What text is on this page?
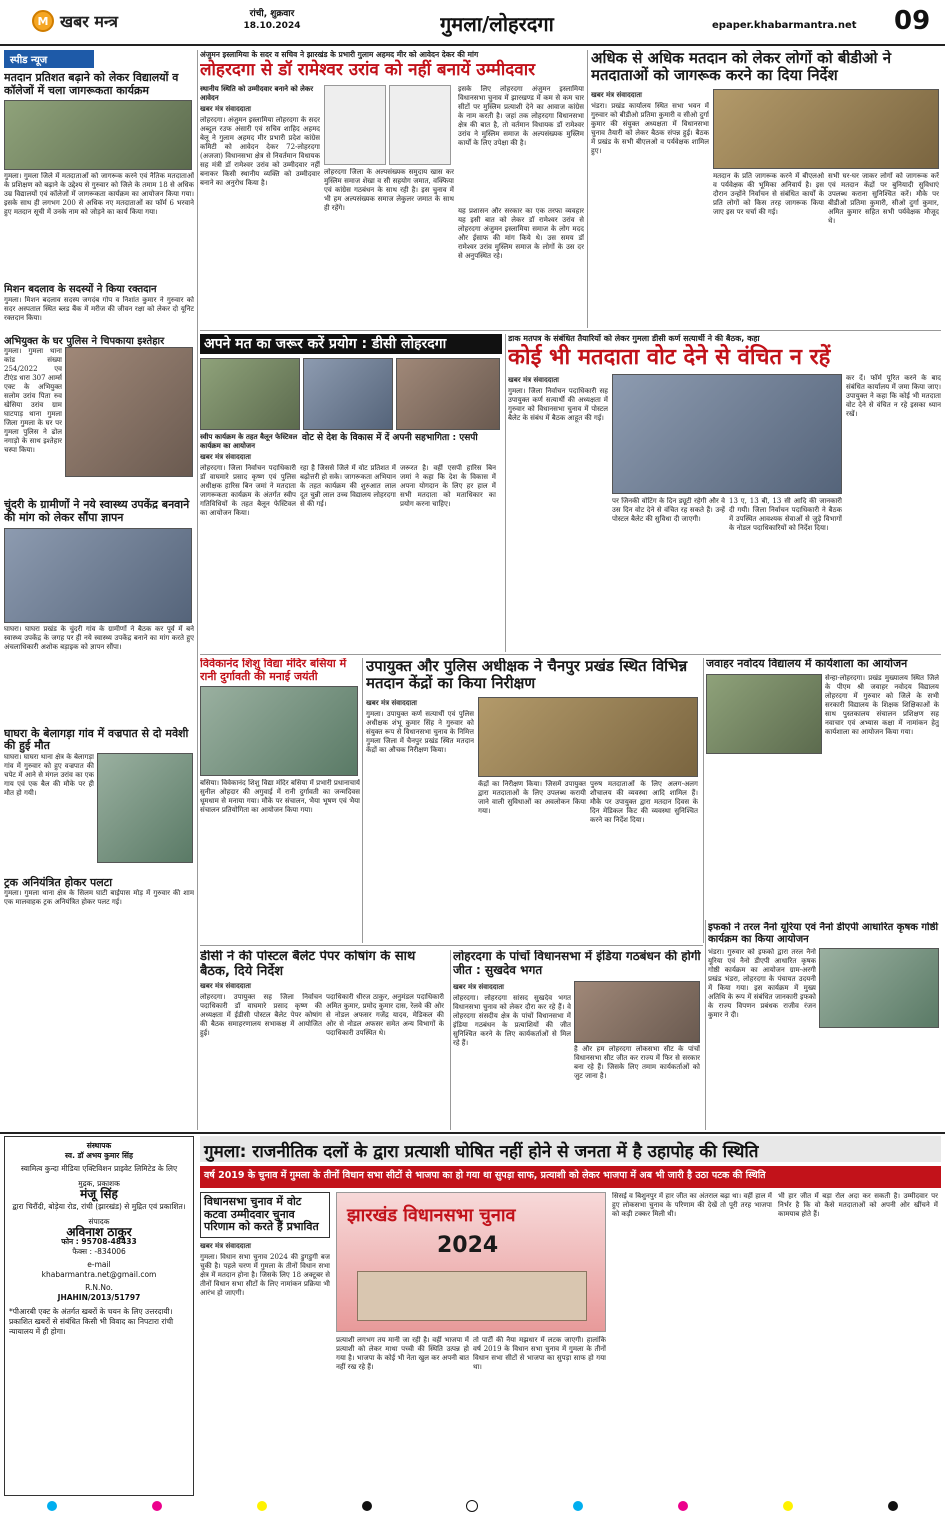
M खबर मन्त्र	रांची, शुक्रवार
18.10.2024	गुमला/लोहरदगा	epaper.khabarmantra.net	09
स्पीड न्यूज
मतदान प्रतिशत बढ़ाने को लेकर विद्यालयों व कॉलेजों में चला जागरूकता कार्यक्रम
गुमला। गुमला जिले में मतदाताओं को जागरूक करने एवं नैतिक मतदाताओं के प्रशिक्षण को बढ़ाने के उद्देश्य से गुरुवार को जिले के तमाम 18 से अधिक उम्र विद्यालयों एवं कॉलेजों में जागरूकता कार्यक्रम का आयोजन किया गया। इसके साथ ही लगभग 200 से अधिक नए मतदाताओं का फॉर्म 6 भरवाने हुए मतदान सूची में उनके नाम को जोड़ने का कार्य किया गया।
मिशन बदलाव के सदस्यों ने किया रक्तदान
गुमला। मिशन बदलाव सदस्य जगदंब गोप व निशांत कुमार ने गुरुवार को सदर अस्पताल स्थित ब्लड बैंक में मरीज की जीवन रक्षा को लेकर दो यूनिट रक्तदान किया।
अभियुक्त के घर पुलिस ने चिपकाया इश्तेहार
गुमला। गुमला थाना कांड संख्या 254/2022 एव टीएंड धारा 307 आर्म्स एक्ट के अभियुक्त सलोम उरांव पिता रुव खेसिया उरांव ग्राम घाटपाड़ थाना गुमला जिला गुमला के घर पर गुमला पुलिस ने ढोल नगाड़ो के साथ इश्तेहार चस्पा किया।
चुंदरी के ग्रामीणों ने नये स्वास्थ्य उपकेंद्र बनवाने की मांग को लेकर सौंपा ज्ञापन
घाघरा। घाघरा प्रखंड के चुंदरी गांव के ग्रामीणों ने बैठक कर पूर्व में बने स्वास्थ्य उपकेंद्र के जगह पर ही नये स्वास्थ्य उपकेंद्र बनाने का मांग करते हुए अंचलाधिकारी अशोक बड़ाइक को ज्ञापन सौंपा।
घाघरा के बेलागड़ा गांव में वज्रपात से दो मवेशी की हुई मौत
घाघरा। घाघरा थाना क्षेत्र के बेलागड़ा गांव में गुरुवार को हुए वज्रपात की चपेट में आने से मंगल उरांव का एक गाय एवं एक बैल की मौके पर ही मौत हो गयी।
ट्रक अनियंत्रित होकर पलटा
गुमला। गुमला थाना क्षेत्र के सिलम घाटी बाईपास मोड़ में गुरुवार की शाम एक मालवाहक ट्रक अनियंत्रित होकर पलट गई।
अंजुमन इस्लामिया के सदर व सचिव ने झारखंड के प्रभारी गुलाम अहमद मीर को आवेदन देकर की मांग
लोहरदगा से डॉ रामेश्वर उरांव को नहीं बनायें उम्मीदवार
स्थानीय स्थिति को उम्मीदवार बनाने को लेकर आवेदन
खबर मंत्र संवाददाता
लोहरदगा। अंजुमन इस्लामिया लोहरदगा के सदर अब्दुल रउफ अंसारी एवं सचिव शाहिद अहमद बेलू ने गुलाम अहमद मीर प्रभारी प्रदेश कांग्रेस कमिटी को आवेदन देकर 72-लोहरदगा (अजजा) विधानसभा क्षेत्र से निवर्तमान विधायक सह मंत्री डॉ रामेश्वर उरांव को उम्मीदवार नहीं बनाकर किसी स्थानीय व्यक्ति को उम्मीदवार बनाने का अनुरोध किया है।
लोहरदगा जिला के अल्पसंख्यक समुदाय खास कर मुस्लिम समाज शेखा व सी सहयोग जमात, वक्फिया एवं कांग्रेस गठबंधन के साथ रही है। इस चुनाव में भी हम अल्पसंख्यक समाज लेकुलर जमात के साथ ही रहेंगे।
इसके लिए लोहरदगा अंजुमन इस्लामिया विधानसभा चुनाव में झारखण्ड में कम से कम चार सीटों पर मुस्लिम प्रत्याशी देने का आवाज कांग्रेस के नाम करती है। जहां तक लोहरदगा विधानसभा क्षेत्र की बात है, तो वर्तमान विधायक डॉ रामेश्वर उरांव ने मुस्लिम समाज के अल्पसंख्यक मुस्लिम कार्यों के लिए उपेक्षा की है।
यह प्रशासन और सरकार का एक तरफा व्यवहार यह इसी बात को लेकर डॉ रामेश्वर उरांव से लोहरदगा अंजुमन इस्लामिया समाज के लोग मदद और ईसाफ की मांग किये थे। उस समय डॉ रामेश्वर उरांव मुस्लिम समाज के लोगों के उस दर से अनुपस्थित रहे।
अधिक से अधिक मतदान को लेकर लोगों को बीडीओ ने मतदाताओं को जागरूक करने का दिया निर्देश
खबर मंत्र संवाददाता
भंडरा। प्रखंड कार्यालय स्थित सभा भवन में गुरुवार को बीडीओ प्रतिमा कुमारी व सीओ दुर्गा कुमार की संयुक्त अध्यक्षता में विधानसभा चुनाव तैयारी को लेकर बैठक संपन्न हुई। बैठक में प्रखंड के सभी बीएलओ व पर्यवेक्षक शामिल हुए।
मतदान के प्रति जागरूक करने में बीएलओ व पर्यवेक्षक की भूमिका अनिवार्य है। इस दौरान उन्होंने निर्वाचन से संबंधित कार्यों के प्रति लोगों को किस तरह जागरूक किया जाए इस पर चर्चा की गई।
सभी घर-घर जाकर लोगों को जागरूक करें एवं मतदान केंद्रों पर बुनियादी सुविधाएं उपलब्ध कराना सुनिश्चित करें। मौके पर बीडीओ प्रतिमा कुमारी, सीओ दुर्गा कुमार, अमित कुमार सहित सभी पर्यवेक्षक मौजूद थे।
अपने मत का जरूर करें प्रयोग : डीसी लोहरदगा
स्वीप कार्यक्रम के तहत बैलून फेस्टिवल कार्यक्रम का आयोजन
वोट से देश के विकास में दें अपनी सहभागिता : एसपी
खबर मंत्र संवाददाता
लोहरदगा। जिला निर्वाचन पदाधिकारी डॉ वाघमारे प्रसाद कृष्ण एवं पुलिस अधीक्षक हारिस बिन जमां ने मतदाता जागरूकता कार्यक्रम के अंतर्गत स्वीप गतिविधियों के तहत बैलून फेस्टिवल का आयोजन किया।
रहा है जिससे जिले में वोट प्रतिशत में बढ़ोत्तरी हो सके। जागरूकता अभियान के तहत कार्यक्रम की शुरुआत लाल दूत चुन्नी लाल उच्च विद्यालय लोहरदगा से की गई।
जरूरत है। वहीं एसपी हारिस बिन जमां ने कहा कि देश के विकास में अपना योगदान के लिए हर हाल में सभी मतदाता को मताधिकार का प्रयोग करना चाहिए।
डाक मतपत्र के संबंधित तैयारियों को लेकर गुमला डीसी कर्ण सत्यार्थी ने की बैठक, कहा
कोई भी मतदाता वोट देने से वंचित न रहें
खबर मंत्र संवाददाता
गुमला। जिला निर्वाचन पदाधिकारी सह उपायुक्त कर्ण सत्यार्थी की अध्यक्षता में गुरुवार को विधानसभा चुनाव में पोस्टल बैलेट के संबंध में बैठक आहूत की गई।
पर जिनकी वोटिंग के दिन ड्यूटी रहेगी और वे उस दिन वोट देने से वंचित रह सकते हैं। उन्हें पोस्टल बैलेट की सुविधा दी जाएगी।
13 ए, 13 बी, 13 सी आदि की जानकारी दी गयी। जिला निर्वाचन पदाधिकारी ने बैठक में उपस्थित आवश्यक सेवाओं से जुड़े विभागों के नोडल पदाधिकारियों को निर्देश दिया।
कर दें। फॉर्म पूरित करने के बाद संबंधित कार्यालय में जमा किया जाए। उपायुक्त ने कहा कि कोई भी मतदाता वोट देने से वंचित न रहे इसका ध्यान रखें।
विवेकानंद शिशु विद्या मंदिर बसिया में रानी दुर्गावती की मनाई जयंती
बसिया। विवेकानंद शिशु विद्या मंदिर बसिया में प्रभारी प्रधानाचार्य सुनील ओहदार की अगुवाई में रानी दुर्गावती का जन्मदिवस धूमधाम से मनाया गया। मौके पर संचालन, भैया भूषण एवं भैया संचालन प्रतियोगिता का आयोजन किया गया।
उपायुक्त और पुलिस अधीक्षक ने चैनपुर प्रखंड स्थित विभिन्न मतदान केंद्रों का किया निरीक्षण
खबर मंत्र संवाददाता
गुमला। उपायुक्त कर्ण सत्यार्थी एवं पुलिस अधीक्षक शंभू कुमार सिंह ने गुरुवार को संयुक्त रूप से विधानसभा चुनाव के निमित्त गुमला जिला में चैनपुर प्रखंड स्थित मतदान केंद्रों का औचक निरीक्षण किया।
केंद्रों का निरीक्षण किया। जिसमें उपायुक्त द्वारा मतदाताओं के लिए उपलब्ध करायी जाने वाली सुविधाओं का अवलोकन किया गया।
पुरुष मतदाताओं के लिए अलग-अलग शौचालय की व्यवस्था आदि शामिल हैं। मौके पर उपायुक्त द्वारा मतदान दिवस के दिन मेडिकल किट की व्यवस्था सुनिश्चित करने का निर्देश दिया।
जवाहर नवोदय विद्यालय में कार्यशाला का आयोजन
सेन्हा-लोहरदगा। प्रखंड मुख्यालय स्थित जिले के पीएम श्री जवाहर नवोदय विद्यालय लोहरदगा में गुरुवार को जिले के सभी सरकारी विद्यालय के शिक्षक शिक्षिकाओं के साथ पुस्तकालय संचालन प्रशिक्षण सह नवाचार एवं अभ्यास कक्षा में नामांकन हेतु कार्यशाला का आयोजन किया गया।
डीसी ने की पोस्टल बैलेट पेपर कोषांग के साथ बैठक, दिये निर्देश
खबर मंत्र संवाददाता
लोहरदगा। उपायुक्त सह जिला निर्वाचन पदाधिकारी डॉ वाघमारे प्रसाद कृष्ण की अध्यक्षता में ईडीसी पोस्टल बैलेट पेपर कोषांग की बैठक समाहरणालय सभाकक्ष में आयोजित हुई।
पदाधिकारी धीरज ठाकुर, अनुमंडल पदाधिकारी अमित कुमार, प्रमोद कुमार दास, रेलवे की ओर से नोडल अफसर गजेंद्र यादव, मेडिकल की ओर से नोडल अफसर समेत अन्य विभागों के पदाधिकारी उपस्थित थे।
लोहरदगा के पांचों विधानसभा में इंडिया गठबंधन की होगी जीत : सुखदेव भगत
खबर मंत्र संवाददाता
लोहरदगा। लोहरदगा सांसद सुखदेव भगत विधानसभा चुनाव को लेकर दौरा कर रहे हैं। वे लोहरदगा संसदीय क्षेत्र के पांचों विधानसभा में इंडिया गठबंधन के प्रत्याशियों की जीत सुनिश्चित करने के लिए कार्यकर्ताओं से मिल रहे हैं।
है और हम लोहरदगा लोकसभा सीट के पांचों विधानसभा सीट जीत कर राज्य में फिर से सरकार बना रहे हैं। जिसके लिए तमाम कार्यकर्ताओं को जुट जाना है।
इफको ने तरल नैनो यूरिया एवं नैनो डीएपी आधारित कृषक गोष्ठी कार्यक्रम का किया आयोजन
भंडरा। गुरुवार को इफको द्वारा तरल नैनो यूरिया एवं नैनो डीएपी आधारित कृषक गोष्ठी कार्यक्रम का आयोजन ग्राम-अरगी प्रखंड भंडरा, लोहरदगा के पंचायत उदयनी में किया गया। इस कार्यक्रम में मुख्य अतिथि के रूप में संबंधित जानकारी इफको के राज्य विपणन प्रबंधक राजीव रंजन कुमार ने दी।
गुमला: राजनीतिक दलों के द्वारा प्रत्याशी घोषित नहीं होने से जनता में है उहापोह की स्थिति
वर्ष 2019 के चुनाव में गुमला के तीनों विधान सभा सीटों से भाजपा का हो गया था सुपड़ा साफ, प्रत्याशी को लेकर भाजपा में अब भी जारी है उठा पटक की स्थिति
संस्थापक
स्व. डॉ अभय कुमार सिंह
स्वामित्व कुन्दा मीडिया एक्टिविशन प्राइवेट लिमिटेड के लिए
मुद्रक, प्रकाशक
मंजू सिंह
द्वारा चिरौंदी, बोड़ेया रोड, रांची (झारखंड) से मुद्रित एवं प्रकाशित।
संपादक
अविनाश ठाकुर
फोन : 95708-48433
फैक्स : -834006
e-mail
khabarmantra.net@gmail.com
R.N.No.
JHAHIN/2013/51797
*पीआरबी एक्ट के अंतर्गत खबरों के चयन के लिए उत्तरदायी। प्रकाशित खबरों से संबंधित किसी भी विवाद का निपटारा रांची न्यायालय में ही होगा।
विधानसभा चुनाव में वोट कटवा उम्मीदवार चुनाव परिणाम को करते हैं प्रभावित
खबर मंत्र संवाददाता
गुमला। विधान सभा चुनाव 2024 की डुगडुगी बज चुकी है। पहले चरण में गुमला के तीनों विधान सभा क्षेत्र में मतदान होना है। जिसके लिए 18 अक्टूबर से तीनों विधान सभा सीटों के लिए नामांकन प्रक्रिया भी आरंभ हो जाएगी।
झारखंड विधानसभा चुनाव
2024
प्रत्याशी लगभग तय मानी जा रही है। वहीं भाजपा में प्रत्याशी को लेकर माथा पच्ची की स्थिति उत्पन्न हो गया है। भाजपा के कोई भी नेता खुल कर अपनी बात नहीं रख रहे हैं।
तो पार्टी की नैया मझधार में लटक जाएगी। हालांकि वर्ष 2019 के विधान सभा चुनाव में गुमला के तीनों विधान सभा सीटों से भाजपा का सुपड़ा साफ हो गया था।
सिसई व बिशुनपुर में हार जीत का अंतराल बढ़ा था। वहीं हाल में हुए लोकसभा चुनाव के परिणाम की देखें तो पूरी तरह भाजपा को कड़ी टक्कर मिली थी।
भी हार जीत में बड़ा रोल अदा कर सकती है। उम्मीदवार पर निर्भर है कि वो कैसे मतदाताओं को अपनी ओर खींचने में कामयाब होते हैं।
